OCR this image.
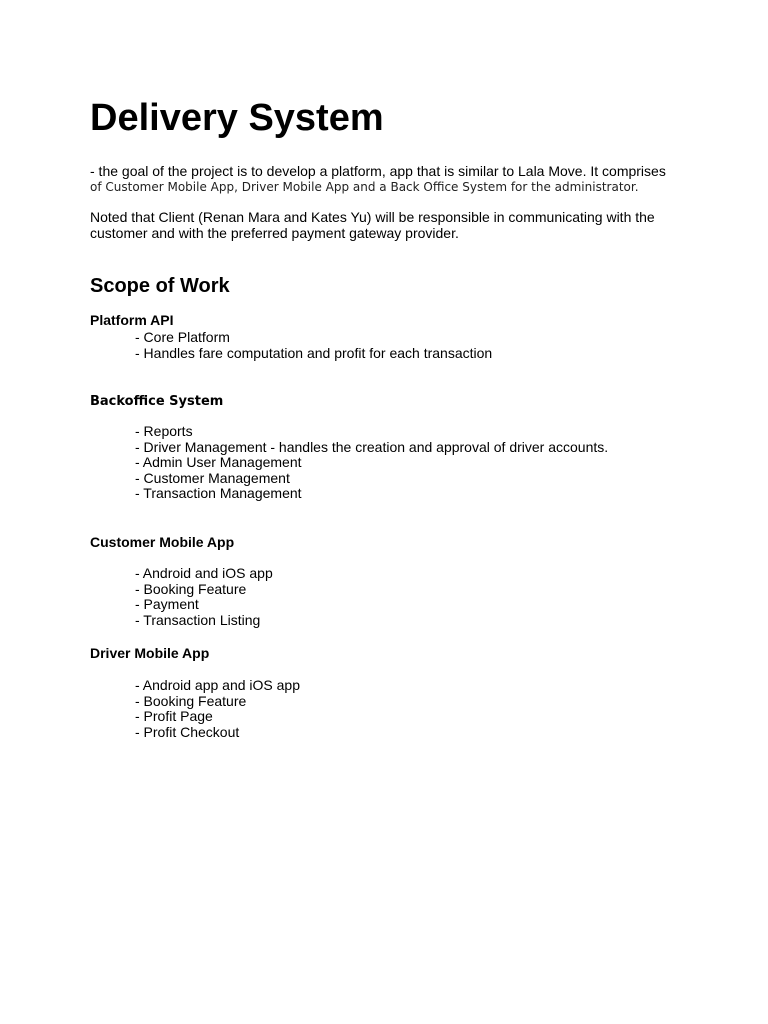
Delivery System
- the goal of the project is to develop a platform, app that is similar to Lala Move. It comprises
of Customer Mobile App, Driver Mobile App and a Back Office System for the administrator.
Noted that Client (Renan Mara and Kates Yu) will be responsible in communicating with the
customer and with the preferred payment gateway provider.
Scope of Work
Platform API
- Core Platform
- Handles fare computation and profit for each transaction
Backoffice System
- Reports
- Driver Management - handles the creation and approval of driver accounts.
- Admin User Management
- Customer Management
- Transaction Management
Customer Mobile App
- Android and iOS app
- Booking Feature
- Payment
- Transaction Listing
Driver Mobile App
- Android app and iOS app
- Booking Feature
- Profit Page
- Profit Checkout
